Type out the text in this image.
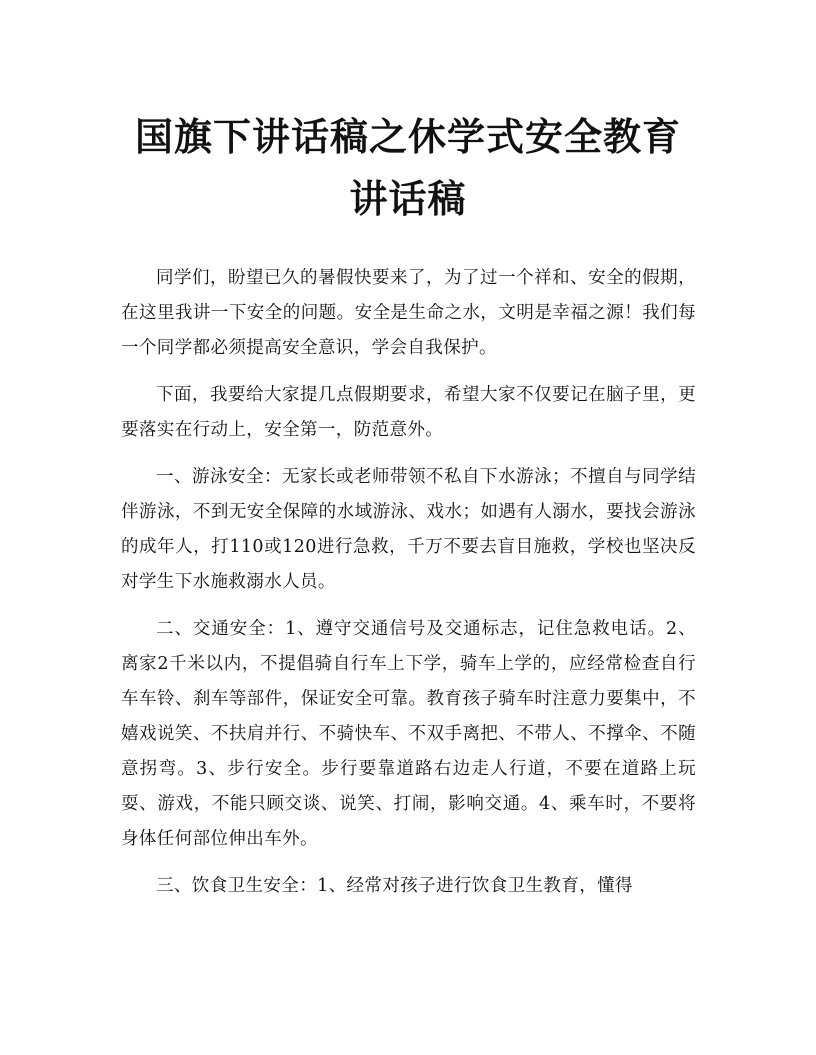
国旗下讲话稿之休学式安全教育讲话稿

同学们，盼望已久的暑假快要来了，为了过一个祥和、安全的假期，在这里我讲一下安全的问题。安全是生命之水，文明是幸福之源！我们每一个同学都必须提高安全意识，学会自我保护。

下面，我要给大家提几点假期要求，希望大家不仅要记在脑子里，更要落实在行动上，安全第一，防范意外。

一、游泳安全：无家长或老师带领不私自下水游泳；不擅自与同学结伴游泳，不到无安全保障的水域游泳、戏水；如遇有人溺水，要找会游泳的成年人，打110或120进行急救，千万不要去盲目施救，学校也坚决反对学生下水施救溺水人员。

二、交通安全：1、遵守交通信号及交通标志，记住急救电话。2、离家2千米以内，不提倡骑自行车上下学，骑车上学的，应经常检查自行车车铃、刹车等部件，保证安全可靠。教育孩子骑车时注意力要集中，不嬉戏说笑、不扶肩并行、不骑快车、不双手离把、不带人、不撑伞、不随意拐弯。3、步行安全。步行要靠道路右边走人行道，不要在道路上玩耍、游戏，不能只顾交谈、说笑、打闹，影响交通。4、乘车时，不要将身体任何部位伸出车外。

三、饮食卫生安全：1、经常对孩子进行饮食卫生教育，懂得
